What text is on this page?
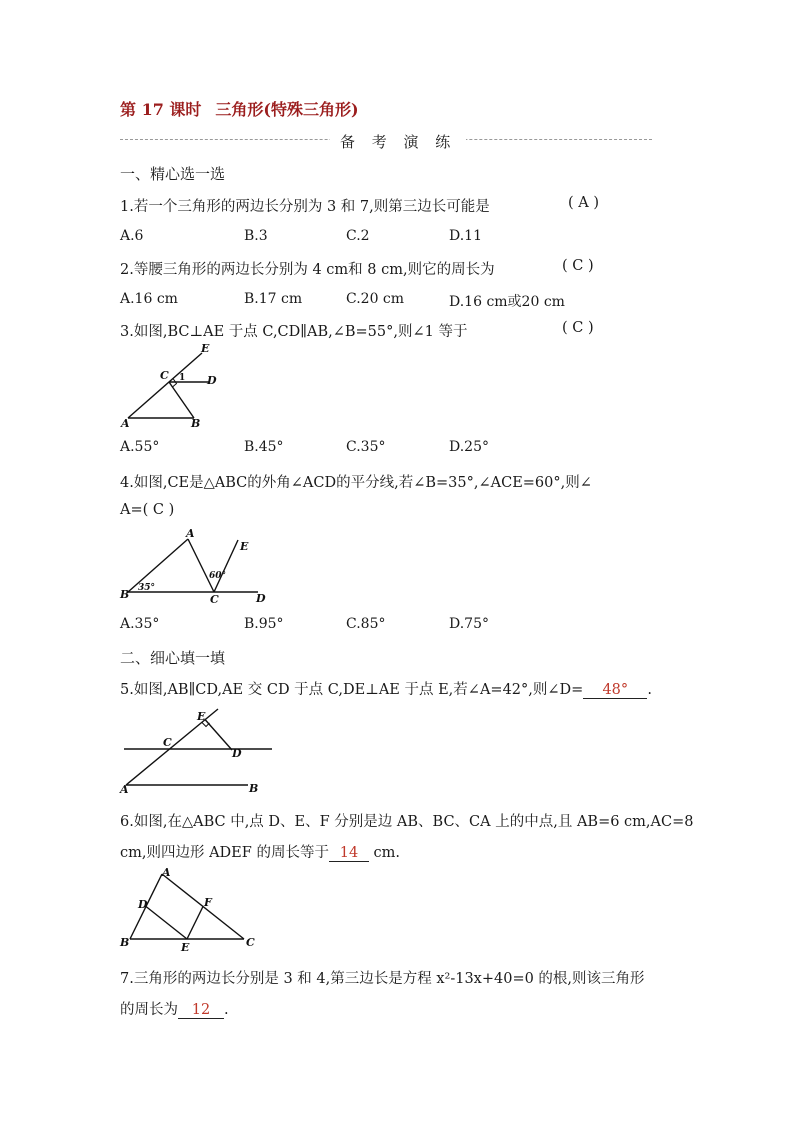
第 17 课时 三角形(特殊三角形)
备 考 演 练
一、精心选一选
1.若一个三角形的两边长分别为 3 和 7,则第三边长可能是	( A )
A.6	B.3	C.2	D.11
2.等腰三角形的两边长分别为 4 cm和 8 cm,则它的周长为	( C )
A.16 cm	B.17 cm	C.20 cm	D.16 cm或20 cm
3.如图,BC⊥AE 于点 C,CD∥AB,∠B=55°,则∠1 等于	( C )
E
C 1 D
A	B
A.55°	B.45°	C.35°	D.25°
4.如图,CE是△ABC的外角∠ACD的平分线,若∠B=35°,∠ACE=60°,则∠
A=( C )
A
E
60°
35°
B	C	D
A.35°	B.95°	C.85°	D.75°
二、细心填一填
5.如图,AB∥CD,AE 交 CD 于点 C,DE⊥AE 于点 E,若∠A=42°,则∠D= 48° .
E
C
D
A	B
6.如图,在△ABC 中,点 D、E、F 分别是边 AB、BC、CA 上的中点,且 AB=6 cm,AC=8
cm,则四边形 ADEF 的周长等于 14 cm.
A
D	F
B	E	C
7.三角形的两边长分别是 3 和 4,第三边长是方程 x²-13x+40=0 的根,则该三角形
的周长为 12 .
